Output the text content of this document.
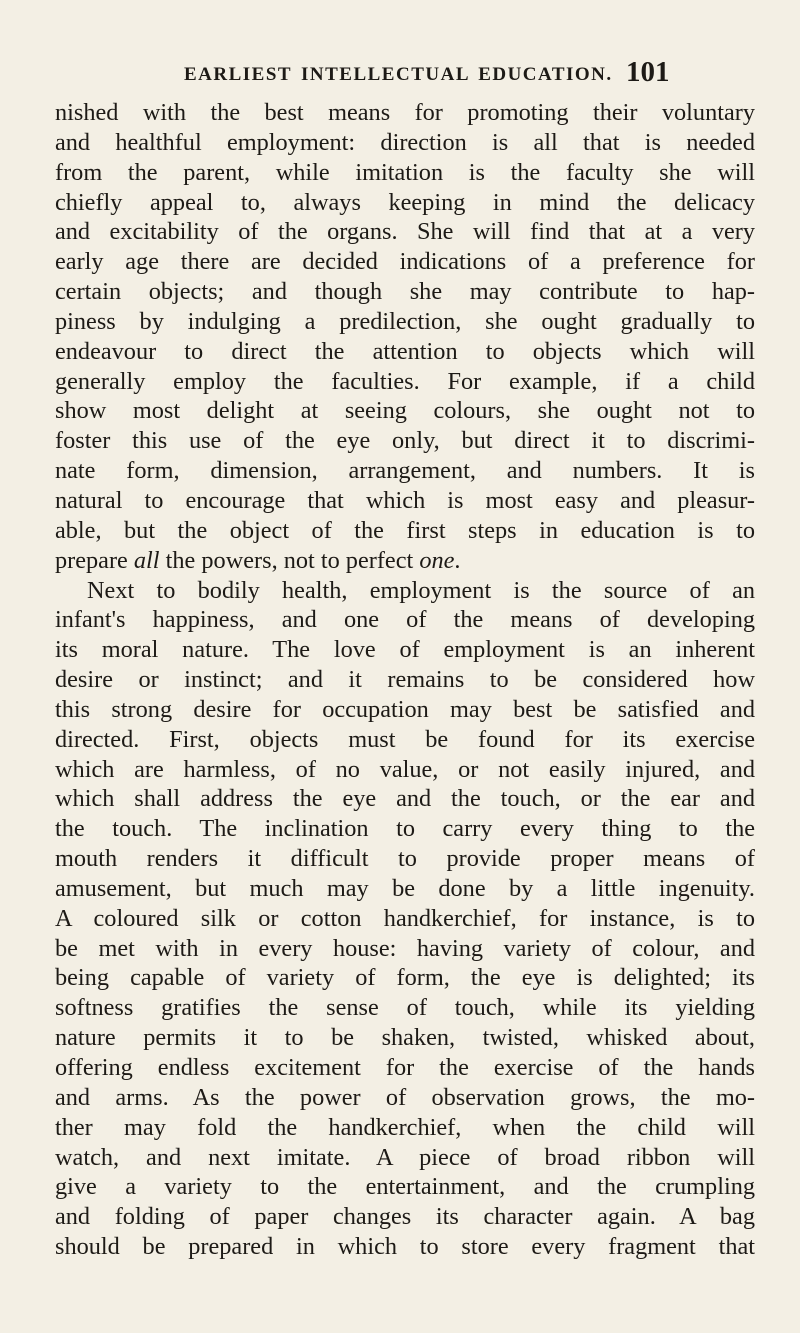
EARLIEST INTELLECTUAL EDUCATION. 101
nished with the best means for promoting their voluntary
and healthful employment: direction is all that is needed
from the parent, while imitation is the faculty she will
chiefly appeal to, always keeping in mind the delicacy
and excitability of the organs. She will find that at a very
early age there are decided indications of a preference for
certain objects; and though she may contribute to hap-
piness by indulging a predilection, she ought gradually to
endeavour to direct the attention to objects which will
generally employ the faculties. For example, if a child
show most delight at seeing colours, she ought not to
foster this use of the eye only, but direct it to discrimi-
nate form, dimension, arrangement, and numbers. It is
natural to encourage that which is most easy and pleasur-
able, but the object of the first steps in education is to
prepare all the powers, not to perfect one.
Next to bodily health, employment is the source of an
infant's happiness, and one of the means of developing
its moral nature. The love of employment is an inherent
desire or instinct; and it remains to be considered how
this strong desire for occupation may best be satisfied and
directed. First, objects must be found for its exercise
which are harmless, of no value, or not easily injured, and
which shall address the eye and the touch, or the ear and
the touch. The inclination to carry every thing to the
mouth renders it difficult to provide proper means of
amusement, but much may be done by a little ingenuity.
A coloured silk or cotton handkerchief, for instance, is to
be met with in every house: having variety of colour, and
being capable of variety of form, the eye is delighted; its
softness gratifies the sense of touch, while its yielding
nature permits it to be shaken, twisted, whisked about,
offering endless excitement for the exercise of the hands
and arms. As the power of observation grows, the mo-
ther may fold the handkerchief, when the child will
watch, and next imitate. A piece of broad ribbon will
give a variety to the entertainment, and the crumpling
and folding of paper changes its character again. A bag
should be prepared in which to store every fragment that
